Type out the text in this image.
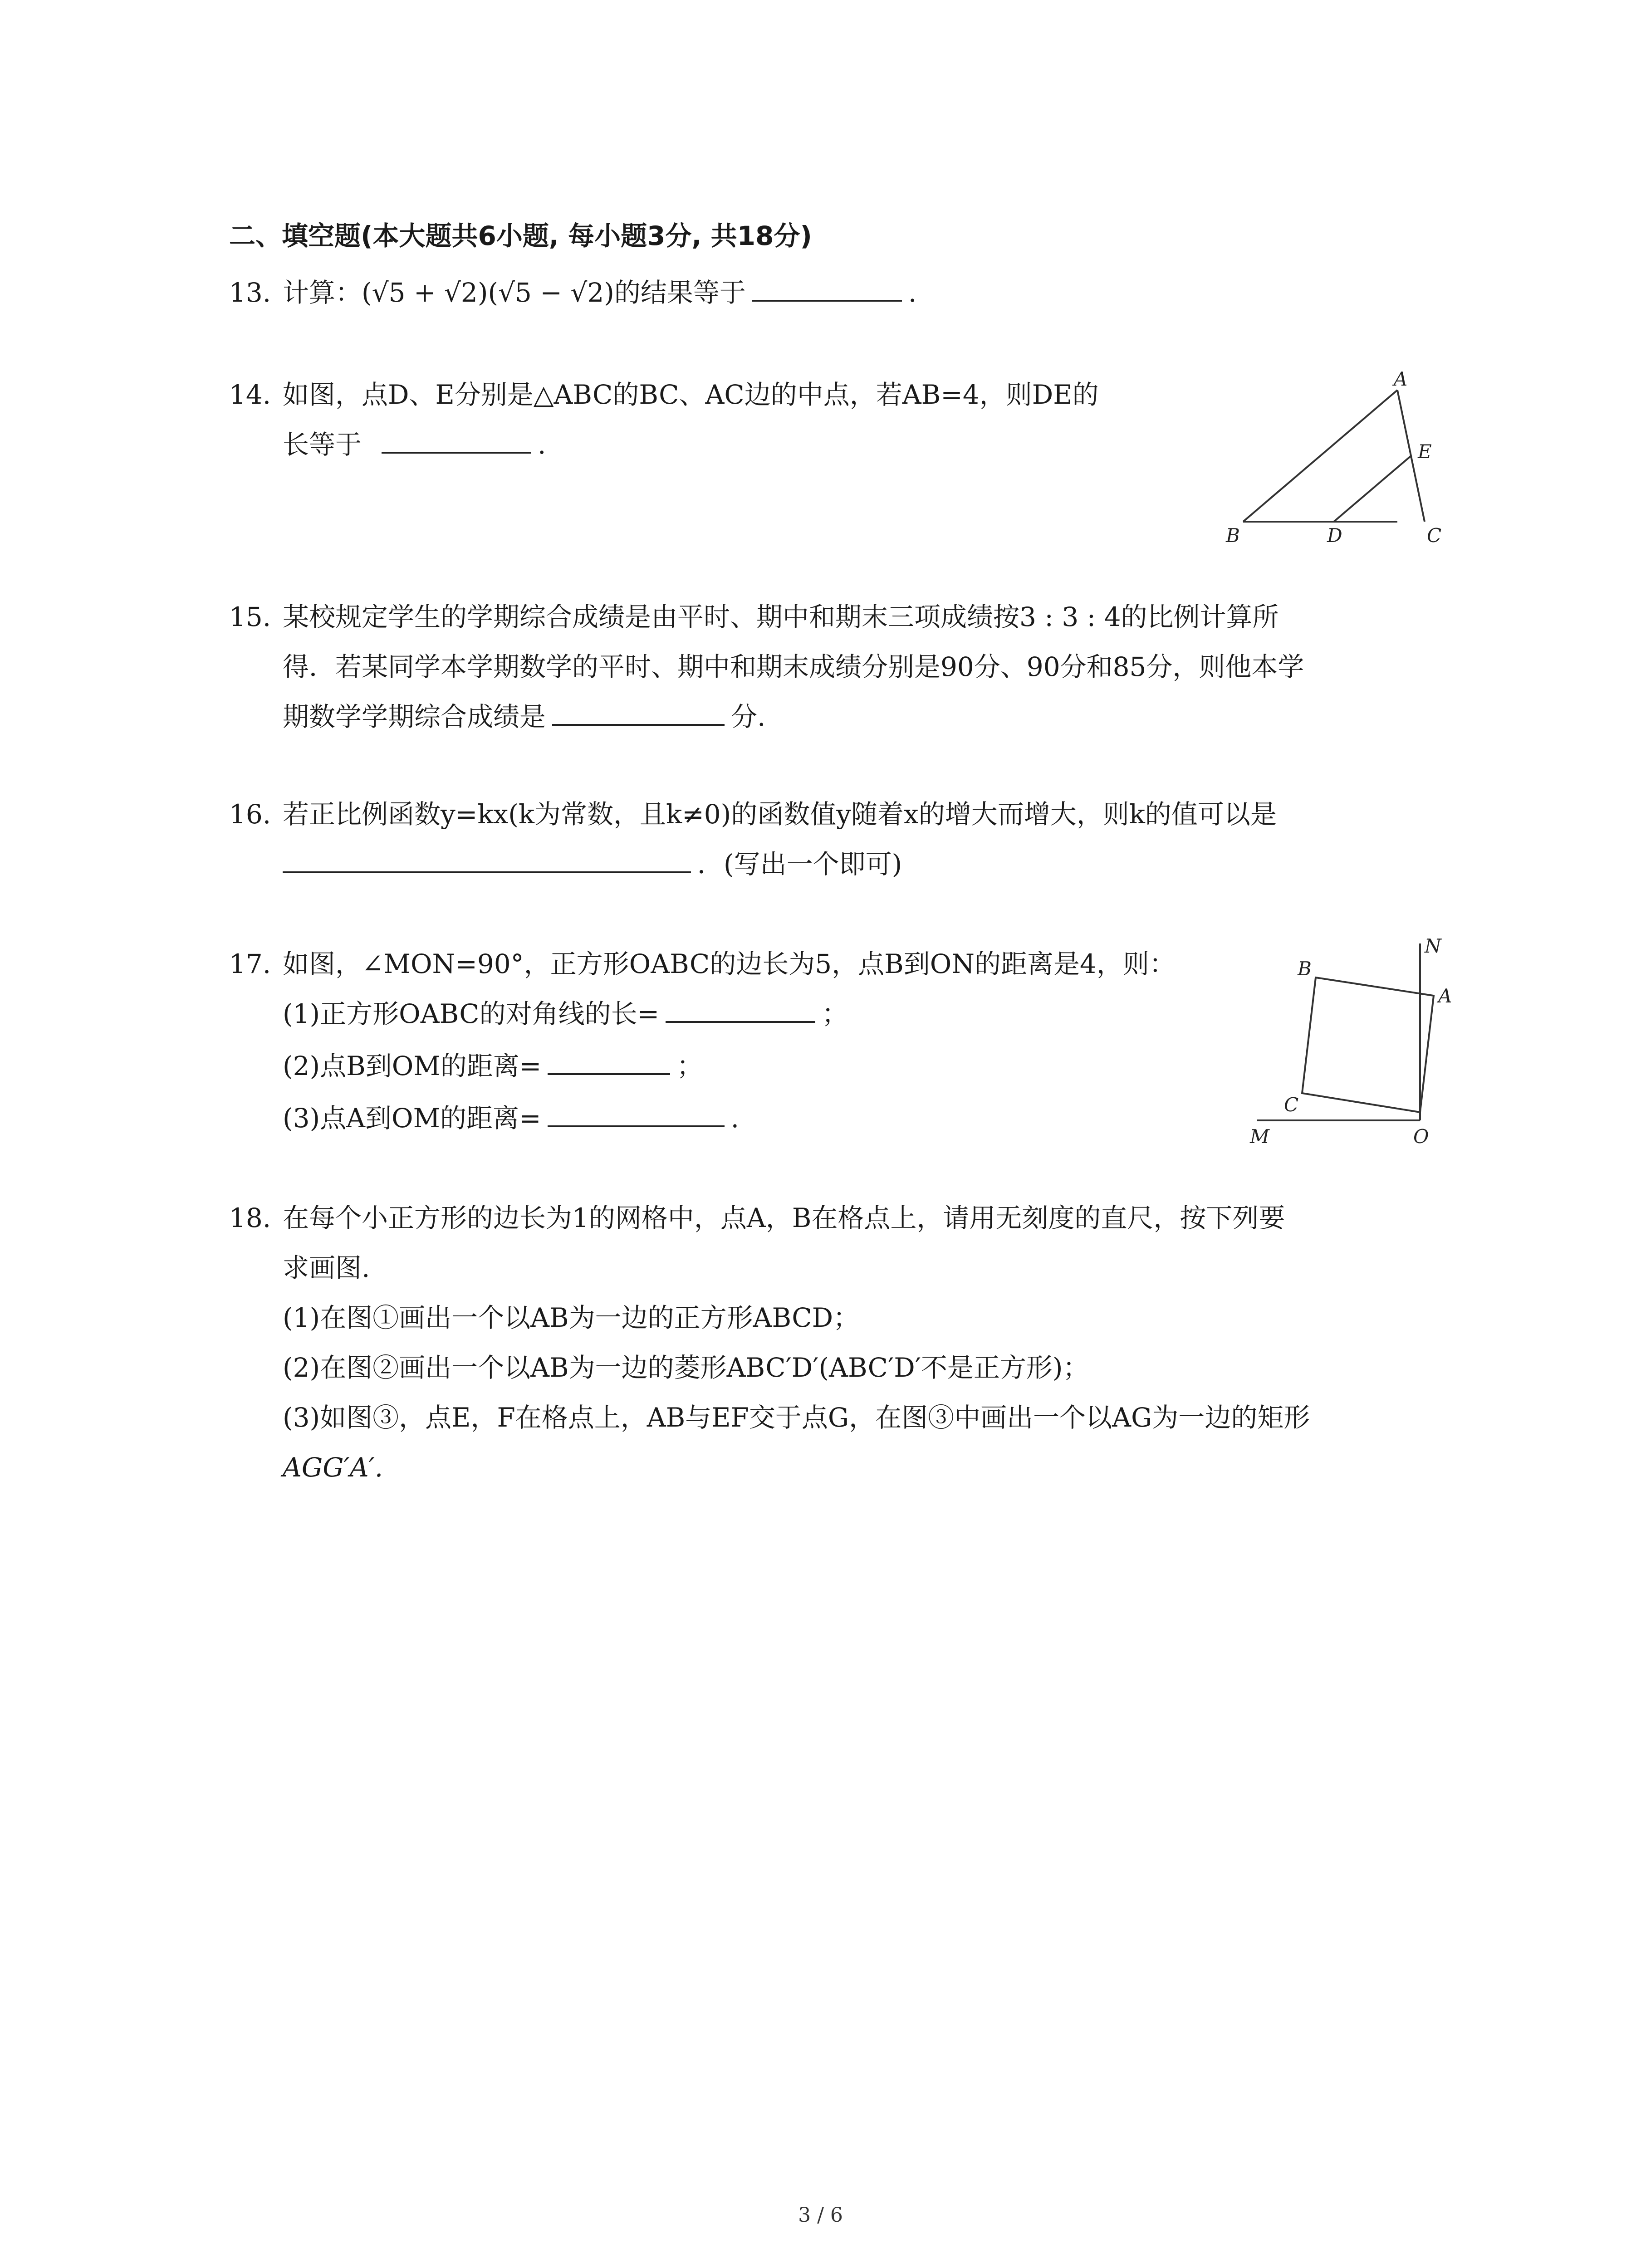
二、填空题(本大题共6小题, 每小题3分, 共18分)
13. 计算：(√5 + √2)(√5 − √2)的结果等于	.
14. 如图，点D、E分别是△ABC的BC、AC边的中点，若AB=4，则DE的
长等于	.
A
B	C
D
E
15. 某校规定学生的学期综合成绩是由平时、期中和期末三项成绩按3 : 3 : 4的比例计算所
得．若某同学本学期数学的平时、期中和期末成绩分别是90分、90分和85分，则他本学
期数学学期综合成绩是	分.
16. 若正比例函数y=kx(k为常数，且k≠0)的函数值y随着x的增大而增大，则k的值可以是
．(写出一个即可)
17. 如图，∠MON=90°，正方形OABC的边长为5，点B到ON的距离是4，则：
(1)正方形OABC的对角线的长=	；
(2)点B到OM的距离=	；
(3)点A到OM的距离=	.
N
A
B
C
M	O
18. 在每个小正方形的边长为1的网格中，点A，B在格点上，请用无刻度的直尺，按下列要
求画图.
(1)在图①画出一个以AB为一边的正方形ABCD；
(2)在图②画出一个以AB为一边的菱形ABC′D′(ABC′D′不是正方形)；
(3)如图③，点E，F在格点上，AB与EF交于点G，在图③中画出一个以AG为一边的矩形
AGG′A′.
3 / 6
